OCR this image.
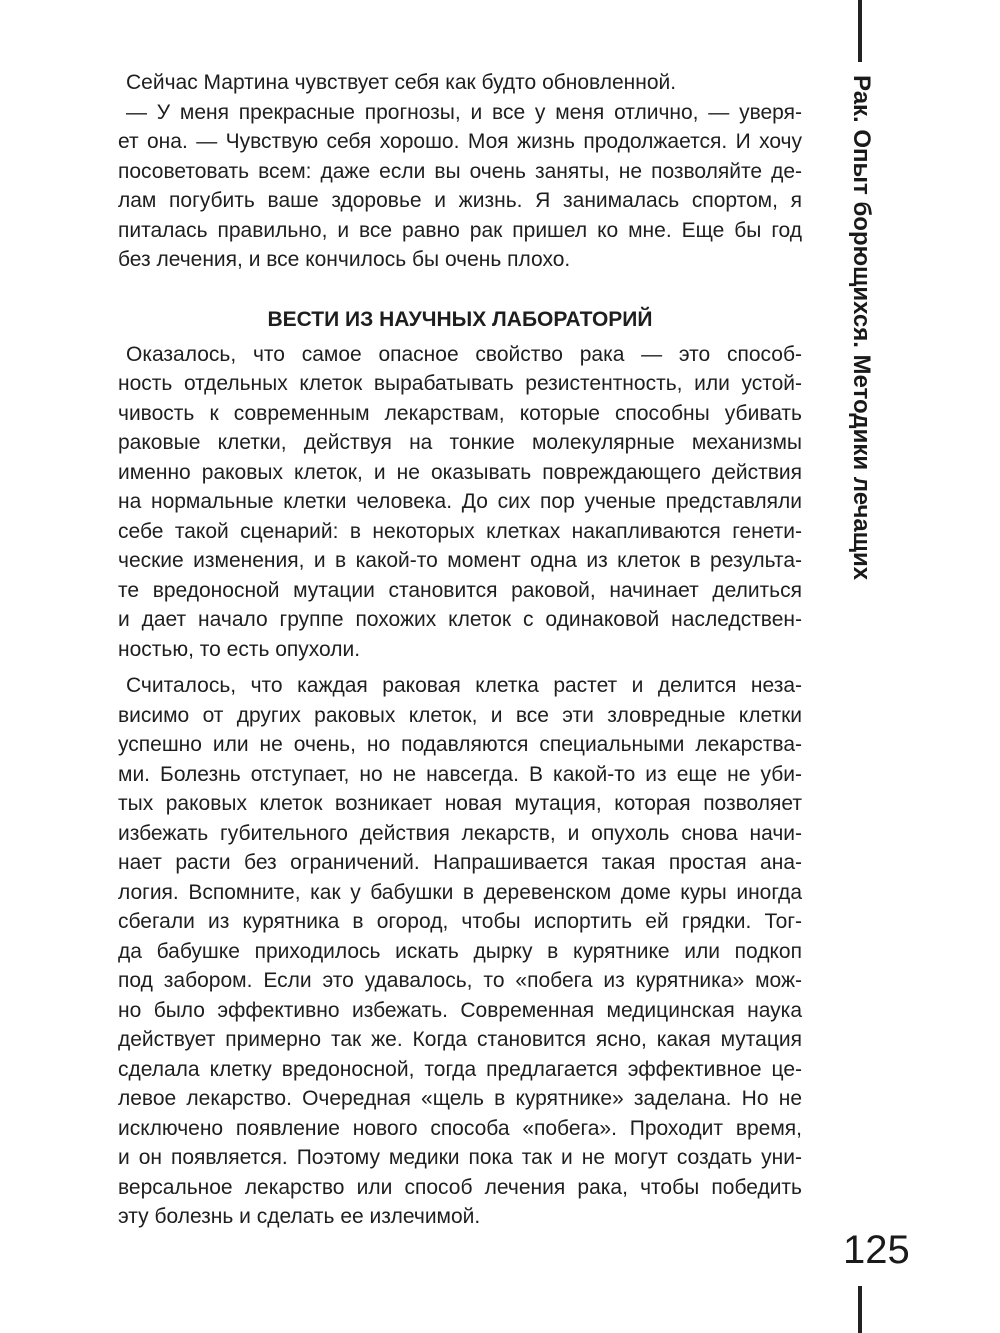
Рак. Опыт борющихся. Методики лечащих
125
Сейчас Мартина чувствует себя как будто обновленной.
— У меня прекрасные прогнозы, и все у меня отлично, — уверя-
ет она. — Чувствую себя хорошо. Моя жизнь продолжается. И хочу
посоветовать всем: даже если вы очень заняты, не позволяйте де-
лам погубить ваше здоровье и жизнь. Я занималась спортом, я
питалась правильно, и все равно рак пришел ко мне. Еще бы год
без лечения, и все кончилось бы очень плохо.
ВЕСТИ ИЗ НАУЧНЫХ ЛАБОРАТОРИЙ
Оказалось, что самое опасное свойство рака — это способ-
ность отдельных клеток вырабатывать резистентность, или устой-
чивость к современным лекарствам, которые способны убивать
раковые клетки, действуя на тонкие молекулярные механизмы
именно раковых клеток, и не оказывать повреждающего действия
на нормальные клетки человека. До сих пор ученые представляли
себе такой сценарий: в некоторых клетках накапливаются генети-
ческие изменения, и в какой-то момент одна из клеток в результа-
те вредоносной мутации становится раковой, начинает делиться
и дает начало группе похожих клеток с одинаковой наследствен-
ностью, то есть опухоли.
Считалось, что каждая раковая клетка растет и делится неза-
висимо от других раковых клеток, и все эти зловредные клетки
успешно или не очень, но подавляются специальными лекарства-
ми. Болезнь отступает, но не навсегда. В какой-то из еще не уби-
тых раковых клеток возникает новая мутация, которая позволяет
избежать губительного действия лекарств, и опухоль снова начи-
нает расти без ограничений. Напрашивается такая простая ана-
логия. Вспомните, как у бабушки в деревенском доме куры иногда
сбегали из курятника в огород, чтобы испортить ей грядки. Тог-
да бабушке приходилось искать дырку в курятнике или подкоп
под забором. Если это удавалось, то «побега из курятника» мож-
но было эффективно избежать. Современная медицинская наука
действует примерно так же. Когда становится ясно, какая мутация
сделала клетку вредоносной, тогда предлагается эффективное це-
левое лекарство. Очередная «щель в курятнике» заделана. Но не
исключено появление нового способа «побега». Проходит время,
и он появляется. Поэтому медики пока так и не могут создать уни-
версальное лекарство или способ лечения рака, чтобы победить
эту болезнь и сделать ее излечимой.
